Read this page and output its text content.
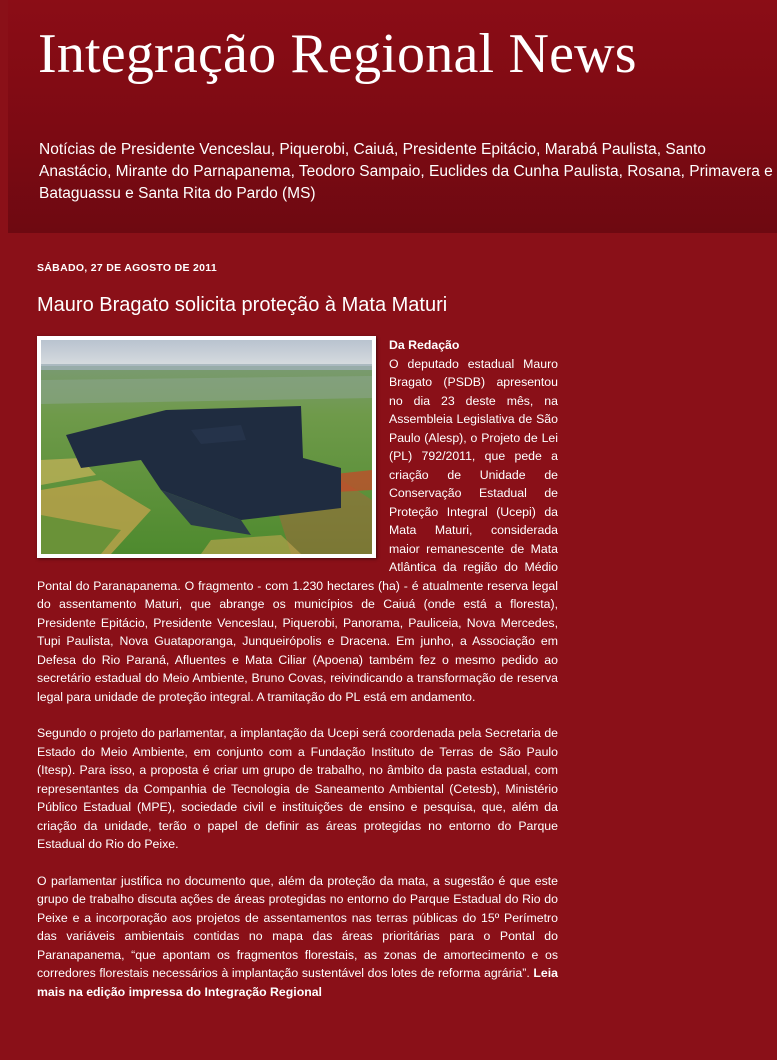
Integração Regional News

Notícias de Presidente Venceslau, Piquerobi, Caiuá, Presidente Epitácio, Marabá Paulista, Santo Anastácio, Mirante do Parnapanema, Teodoro Sampaio, Euclides da Cunha Paulista, Rosana, Primavera e Bataguassu e Santa Rita do Pardo (MS)

SÁBADO, 27 DE AGOSTO DE 2011
Mauro Bragato solicita proteção à Mata Maturi
Da Redação

O deputado estadual Mauro Bragato (PSDB) apresentou no dia 23 deste mês, na Assembleia Legislativa de São Paulo (Alesp), o Projeto de Lei (PL) 792/2011, que pede a criação de Unidade de Conservação Estadual de Proteção Integral (Ucepi) da Mata Maturi, considerada maior remanescente de Mata Atlântica da região do Médio Pontal do Paranapanema. O fragmento - com 1.230 hectares (ha) - é atualmente reserva legal do assentamento Maturi, que abrange os municípios de Caiuá (onde está a floresta), Presidente Epitácio, Presidente Venceslau, Piquerobi, Panorama, Pauliceia, Nova Mercedes, Tupi Paulista, Nova Guataporanga, Junqueirópolis e Dracena. Em junho, a Associação em Defesa do Rio Paraná, Afluentes e Mata Ciliar (Apoena) também fez o mesmo pedido ao secretário estadual do Meio Ambiente, Bruno Covas, reivindicando a transformação de reserva legal para unidade de proteção integral. A tramitação do PL está em andamento.

Segundo o projeto do parlamentar, a implantação da Ucepi será coordenada pela Secretaria de Estado do Meio Ambiente, em conjunto com a Fundação Instituto de Terras de São Paulo (Itesp). Para isso, a proposta é criar um grupo de trabalho, no âmbito da pasta estadual, com representantes da Companhia de Tecnologia de Saneamento Ambiental (Cetesb), Ministério Público Estadual (MPE), sociedade civil e instituições de ensino e pesquisa, que, além da criação da unidade, terão o papel de definir as áreas protegidas no entorno do Parque Estadual do Rio do Peixe.

O parlamentar justifica no documento que, além da proteção da mata, a sugestão é que este grupo de trabalho discuta ações de áreas protegidas no entorno do Parque Estadual do Rio do Peixe e a incorporação aos projetos de assentamentos nas terras públicas do 15º Perímetro das variáveis ambientais contidas no mapa das áreas prioritárias para o Pontal do Paranapanema, “que apontam os fragmentos florestais, as zonas de amortecimento e os corredores florestais necessários à implantação sustentável dos lotes de reforma agrária”. Leia mais na edição impressa do Integração Regional
